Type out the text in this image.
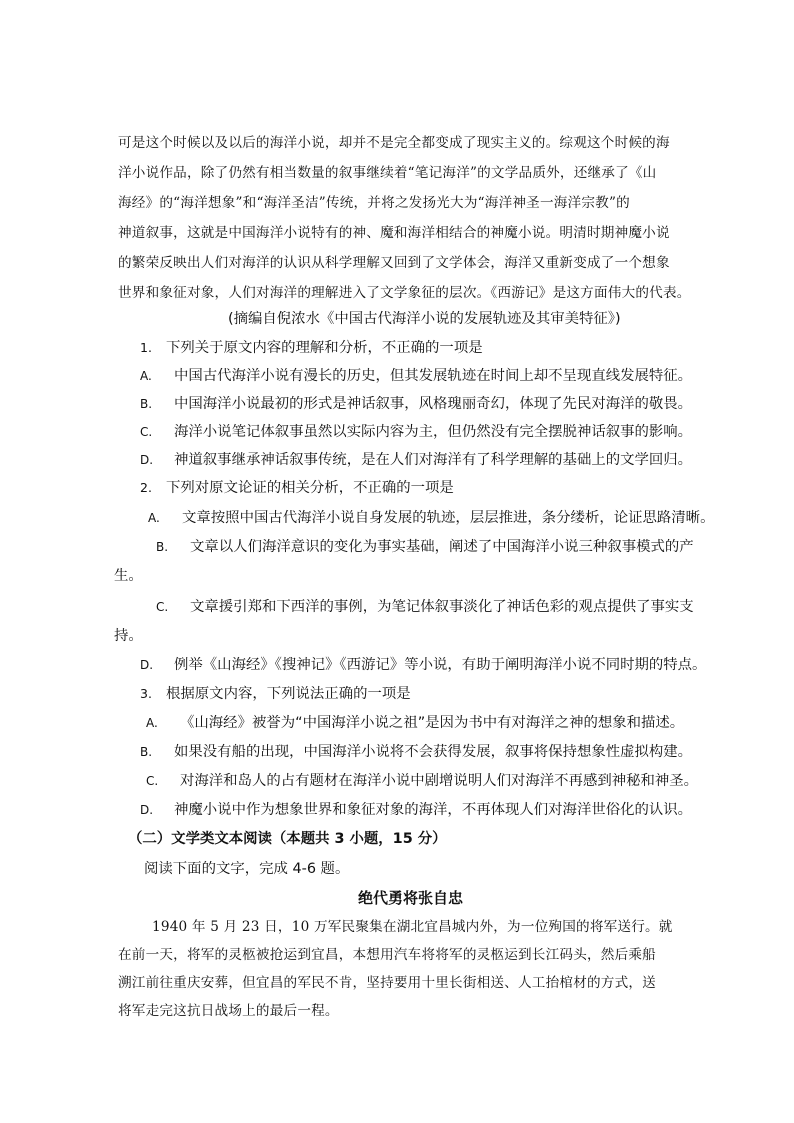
可是这个时候以及以后的海洋小说，却并不是完全都变成了现实主义的。综观这个时候的海
洋小说作品，除了仍然有相当数量的叙事继续着“笔记海洋”的文学品质外，还继承了《山
海经》的“海洋想象”和“海洋圣洁”传统，并将之发扬光大为“海洋神圣一海洋宗教”的
神道叙事，这就是中国海洋小说特有的神、魔和海洋相结合的神魔小说。明清时期神魔小说
的繁荣反映出人们对海洋的认识从科学理解又回到了文学体会，海洋又重新变成了一个想象
世界和象征对象，人们对海洋的理解进入了文学象征的层次。《西游记》是这方面伟大的代表。
(摘编自倪浓水《中国古代海洋小说的发展轨迹及其审美特征》)
1. 下列关于原文内容的理解和分析，不正确的一项是
A. 中国古代海洋小说有漫长的历史，但其发展轨迹在时间上却不呈现直线发展特征。
B. 中国海洋小说最初的形式是神话叙事，风格瑰丽奇幻，体现了先民对海洋的敬畏。
C. 海洋小说笔记体叙事虽然以实际内容为主，但仍然没有完全摆脱神话叙事的影响。
D. 神道叙事继承神话叙事传统，是在人们对海洋有了科学理解的基础上的文学回归。
2. 下列对原文论证的相关分析，不正确的一项是
A. 文章按照中国古代海洋小说自身发展的轨迹，层层推进，条分缕析，论证思路清晰。
B. 文章以人们海洋意识的变化为事实基础，阐述了中国海洋小说三种叙事模式的产
生。
C. 文章援引郑和下西洋的事例，为笔记体叙事淡化了神话色彩的观点提供了事实支
持。
D. 例举《山海经》《搜神记》《西游记》等小说，有助于阐明海洋小说不同时期的特点。
3. 根据原文内容，下列说法正确的一项是
A. 《山海经》被誉为“中国海洋小说之祖”是因为书中有对海洋之神的想象和描述。
B. 如果没有船的出现，中国海洋小说将不会获得发展，叙事将保持想象性虚拟构建。
C. 对海洋和岛人的占有题材在海洋小说中剧增说明人们对海洋不再感到神秘和神圣。
D. 神魔小说中作为想象世界和象征对象的海洋，不再体现人们对海洋世俗化的认识。
（二）文学类文本阅读（本题共 3 小题，15 分）
阅读下面的文字，完成 4-6 题。
绝代勇将张自忠
1940 年 5 月 23 日，10 万军民聚集在湖北宜昌城内外，为一位殉国的将军送行。就
在前一天，将军的灵柩被抢运到宜昌，本想用汽车将将军的灵柩运到长江码头，然后乘船
溯江前往重庆安葬，但宜昌的军民不肯，坚持要用十里长街相送、人工抬棺材的方式，送
将军走完这抗日战场上的最后一程。
